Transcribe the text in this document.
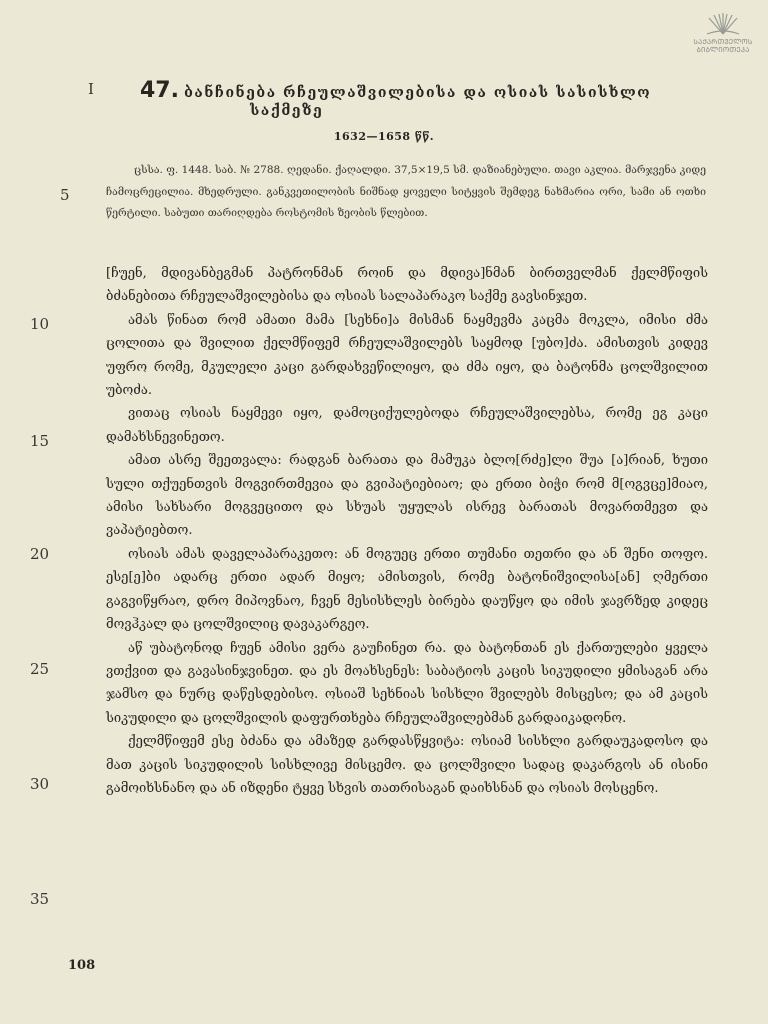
ᲡᲐᲥᲐᲠᲗᲕᲔᲚᲝᲡ ᲑᲘᲑᲚᲘᲝᲗᲔᲙᲐ
I
5
10
15
20
25
30
35
47. ბანჩინება რჩეულაშვილებისა და ოსიას სასისხლო
საქმეზე
1632—1658 წწ.

ცსსა. ფ. 1448. საბ. № 2788. ღედანი. ქაღალდი. 37,5×19,5 სმ. დაზიანებული. თავი აკლია. მარჯვენა კიდე ჩამოცრეცილია. მხედრული. განკვეთილობის ნიშნად ყოველი სიტყვის შემდეგ ნახმარია ორი, სამი ან ოთხი წერტილი. საბუთი თარიღდება როსტომის ზეობის წლებით.

[ჩუენ, მდივანბეგმან პატრონმან როინ და მდივა]ნმან ბირთველმან ქელმწიფის ბძანებითა რჩეულაშვილებისა და ოსიას სალაპარაკო საქმე გავსინჯეთ.

ამას წინათ რომ ამათი მამა [სეხნი]ა მისმან ნაყმევმა კაცმა მოკლა, იმისი ძმა ცოლითა და შვილით ქელმწიფემ რჩეულაშვილებს საყმოდ [უბო]ძა. ამისთვის კიდევ უფრო რომე, მკულელი კაცი გარდახვეწილიყო, და ძმა იყო, და ბატონმა ცოლშვილით უბოძა.

ვითაც ოსიას ნაყმევი იყო, დამოციქულებოდა რჩეულაშვილებსა, რომე ეგ კაცი დამახსნევინეთო.

ამათ ასრე შეეთვალა: რადგან ბარათა და მამუკა ბლო[რძე]ლი შუა [ა]რიან, ხუთი სული თქუენთვის მოგვირთმევია და გვიპატიებიაო; და ერთი ბიჭი რომ მ[ოგვცე]მიაო, ამისი სახსარი მოგვეცითო და სხუას უყულას ისრევ ბარათას მოვართმევთ და ვაპატიებთო.

ოსიას ამას დაველაპარაკეთო: ან მოგუეც ერთი თუმანი თეთრი და ან შენი თოფო. ესე[ე]ბი ადარც ერთი ადარ მიყო; ამისთვის, რომე ბატონიშვილისა[ან] ღმერთი გაგვიწყრაო, დრო მიპოვნაო, ჩვენ მესისხლეს ბირება დაუწყო და იმის ჯავრზედ კიდეც მოვჰკალ და ცოლშვილიც დავაკარგეო.

აწ უბატონოდ ჩუენ ამისი ვერა გაუჩინეთ რა. და ბატონთან ეს ქართულები ყველა ვთქვით და გავასინჯვინეთ. და ეს მოახსენეს: საბატიოს კაცის სიკუდილი ყმისაგან არა ჯამსო და ნურც დაწესდებისო. ოსიაშ სეხნიას სისხლი შვილებს მისცესო; და ამ კაცის სიკუდილი და ცოლშვილის დაფურთხება რჩეულაშვილებმან გარდაიკადონო.

ქელმწიფემ ესე ბძანა და ამაზედ გარდასწყვიტა: ოსიამ სისხლი გარდაუკადოსო და მათ კაცის სიკუდილის სისხლივე მისცემო. და ცოლშვილი სადაც დაკარგოს ან ისინი გამოიხსნანო და ან იზდენი ტყვე სხვის თათრისაგან დაიხსნან და ოსიას მოსცენო.

108
